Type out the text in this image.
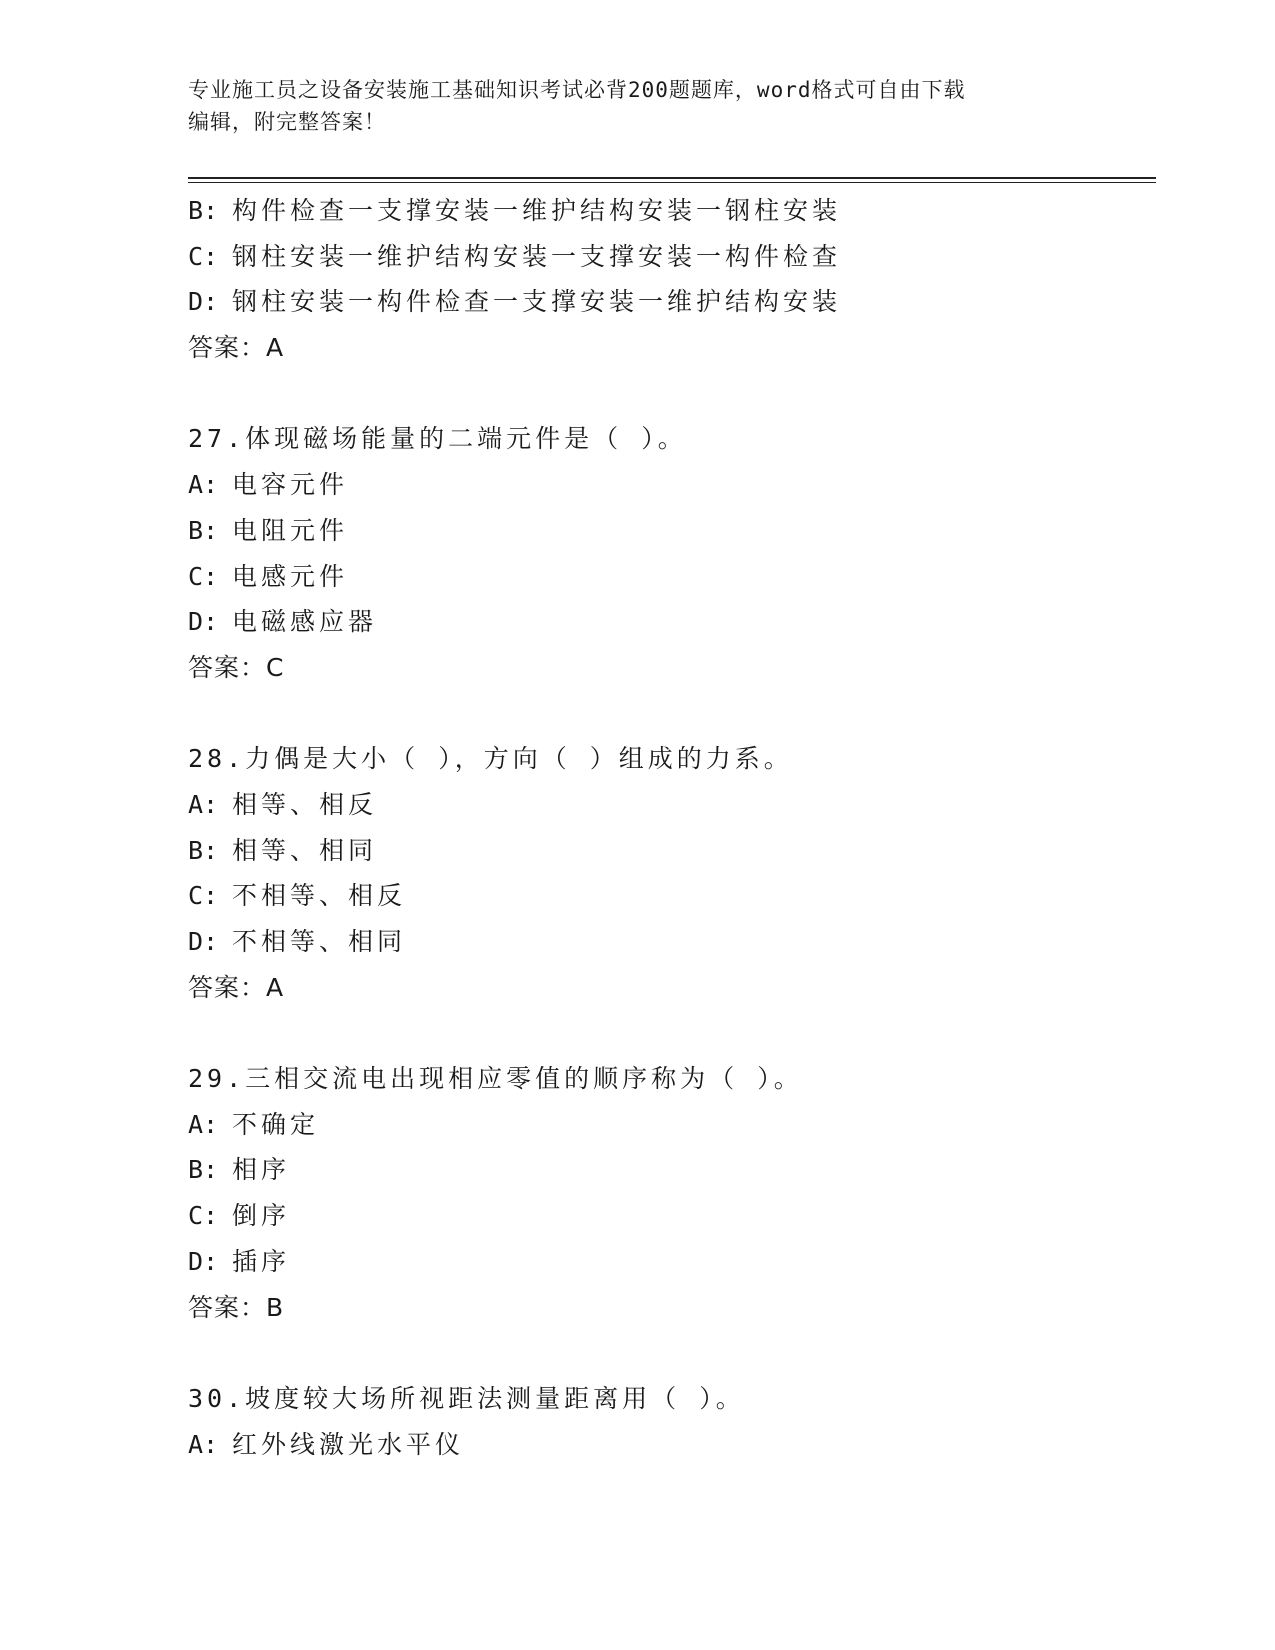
专业施工员之设备安装施工基础知识考试必背200题题库，word格式可自由下载
编辑，附完整答案！
B: 构件检查一支撑安装一维护结构安装一钢柱安装
C: 钢柱安装一维护结构安装一支撑安装一构件检查
D: 钢柱安装一构件检查一支撑安装一维护结构安装
答案：A
27.体现磁场能量的二端元件是（ ）。
A: 电容元件
B: 电阻元件
C: 电感元件
D: 电磁感应器
答案：C
28.力偶是大小（ ），方向（ ）组成的力系。
A: 相等、相反
B: 相等、相同
C: 不相等、相反
D: 不相等、相同
答案：A
29.三相交流电出现相应零值的顺序称为（ ）。
A: 不确定
B: 相序
C: 倒序
D: 插序
答案：B
30.坡度较大场所视距法测量距离用（ ）。
A: 红外线激光水平仪
